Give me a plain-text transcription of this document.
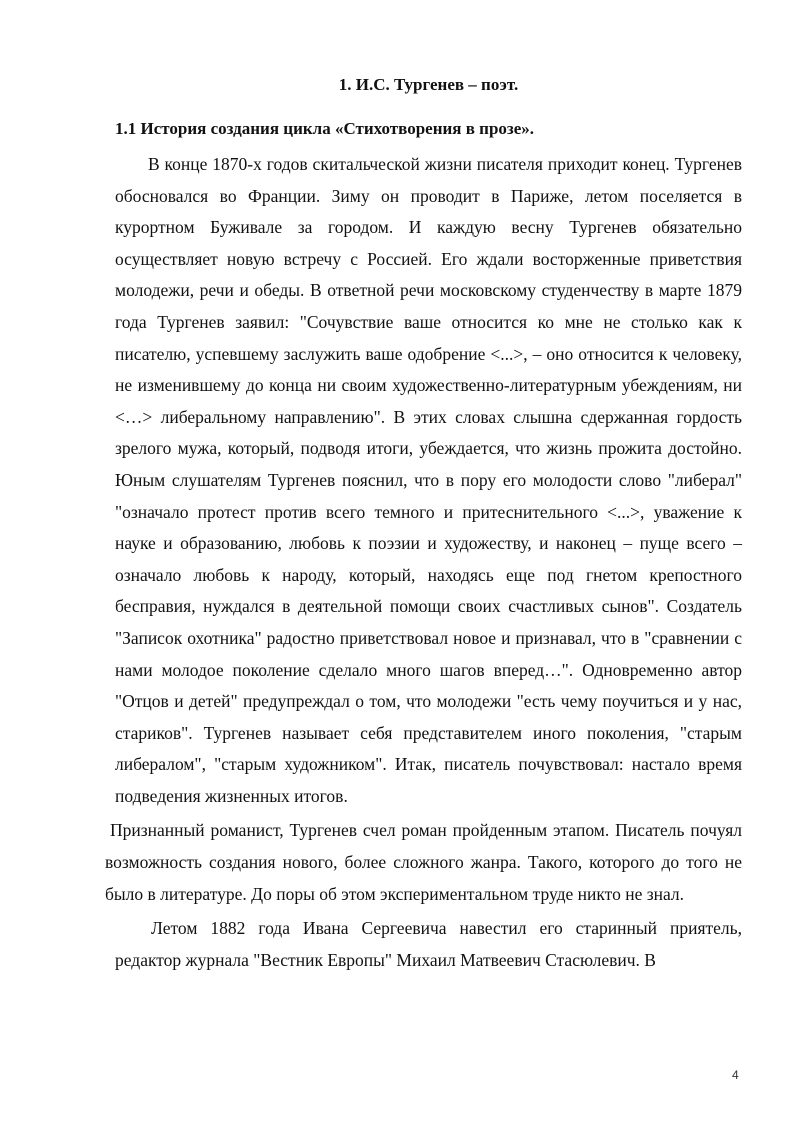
1. И.С. Тургенев – поэт.
1.1 История создания цикла «Стихотворения в прозе».

В конце 1870-х годов скитальческой жизни писателя приходит конец. Тургенев обосновался во Франции. Зиму он проводит в Париже, летом поселяется в курортном Буживале за городом. И каждую весну Тургенев обязательно осуществляет новую встречу с Россией. Его ждали восторженные приветствия молодежи, речи и обеды. В ответной речи московскому студенчеству в марте 1879 года Тургенев заявил: "Сочувствие ваше относится ко мне не столько как к писателю, успевшему заслужить ваше одобрение <...>, – оно относится к человеку, не изменившему до конца ни своим художественно-литературным убеждениям, ни <…> либеральному направлению". В этих словах слышна сдержанная гордость зрелого мужа, который, подводя итоги, убеждается, что жизнь прожита достойно. Юным слушателям Тургенев пояснил, что в пору его молодости слово "либерал" "означало протест против всего темного и притеснительного <...>, уважение к науке и образованию, любовь к поэзии и художеству, и наконец – пуще всего – означало любовь к народу, который, находясь еще под гнетом крепостного бесправия, нуждался в деятельной помощи своих счастливых сынов". Создатель "Записок охотника" радостно приветствовал новое и признавал, что в "сравнении с нами молодое поколение сделало много шагов вперед…". Одновременно автор "Отцов и детей" предупреждал о том, что молодежи "есть чему поучиться и у нас, стариков". Тургенев называет себя представителем иного поколения, "старым либералом", "старым художником". Итак, писатель почувствовал: настало время подведения жизненных итогов.

Признанный романист, Тургенев счел роман пройденным этапом. Писатель почуял возможность создания нового, более сложного жанра. Такого, которого до того не было в литературе. До поры об этом экспериментальном труде никто не знал.

Летом 1882 года Ивана Сергеевича навестил его старинный приятель, редактор журнала "Вестник Европы" Михаил Матвеевич Стасюлевич. В

4
